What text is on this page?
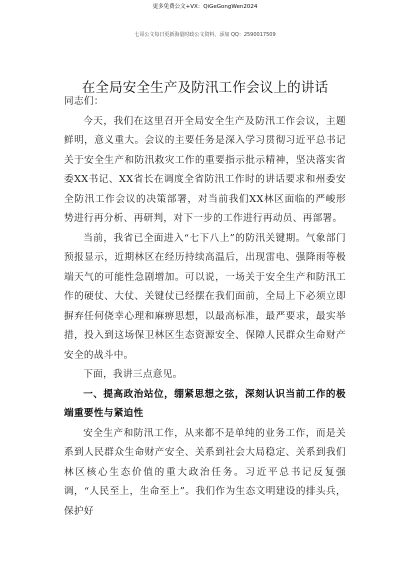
更多免费公文+VX：QiGeGongWen2024
七哥公文每日更新海量时政公文资料，添加 QQ：2590017509
在全局安全生产及防汛工作会议上的讲话

同志们：

今天，我们在这里召开全局安全生产及防汛工作会议，主题鲜明，意义重大。会议的主要任务是深入学习贯彻习近平总书记关于安全生产和防汛救灾工作的重要指示批示精神，坚决落实省委XX书记、XX省长在调度全省防汛工作时的讲话要求和州委安全防汛工作会议的决策部署，对当前我们XX林区面临的严峻形势进行再分析、再研判，对下一步的工作进行再动员、再部署。

当前，我省已全面进入“七下八上”的防汛关键期。气象部门预报显示，近期林区在经历持续高温后，出现雷电、强降雨等极端天气的可能性急剧增加。可以说，一场关于安全生产和防汛工作的硬仗、大仗、关键仗已经摆在我们面前，全局上下必须立即摒弃任何侥幸心理和麻痹思想，以最高标准，最严要求，最实举措，投入到这场保卫林区生态资源安全、保障人民群众生命财产安全的战斗中。

下面，我讲三点意见。

一、提高政治站位，绷紧思想之弦，深刻认识当前工作的极端重要性与紧迫性

安全生产和防汛工作，从来都不是单纯的业务工作，而是关系到人民群众生命财产安全、关系到社会大局稳定、关系到我们林区核心生态价值的重大政治任务。习近平总书记反复强调，“人民至上，生命至上”。我们作为生态文明建设的排头兵，保护好
